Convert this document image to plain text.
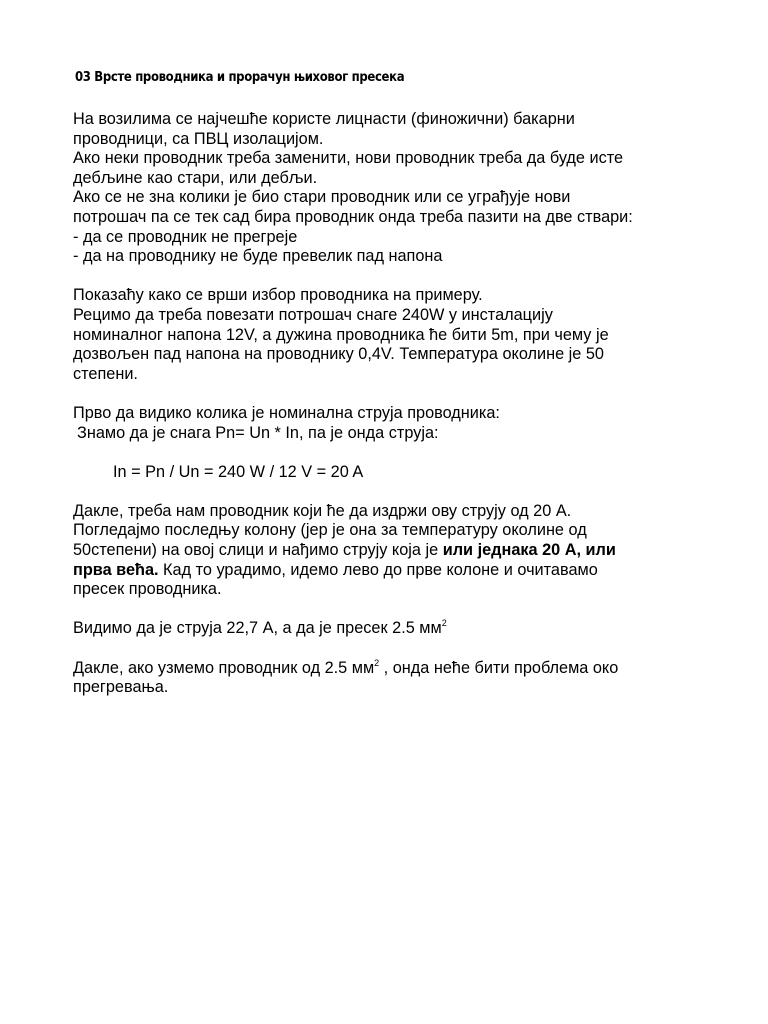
03 Врсте проводника и прорачун њиховог пресека

На возилима се најчешће користе лицнасти (финожични) бакарни
проводници, са ПВЦ изолацијом.
Ако неки проводник треба заменити, нови проводник треба да буде исте
дебљине као стари, или дебљи.
Ако се не зна колики је био стари проводник или се уграђује нови
потрошач па се тек сад бира проводник онда треба пазити на две ствари:
- да се проводник не прегреје
- да на проводнику не буде превелик пад напона

Показаћу како се врши избор проводника на примеру.
Рецимо да треба повезати потрошач снаге 240W у инсталацију
номиналног напона 12V, а дужина проводника ће бити 5m, при чему је
дозвољен пад напона на проводнику 0,4V. Температура околине је 50
степени.

Прво да видико колика је номинална струја проводника:
Знамо да је снага Pn= Un * In, па је онда струја:

In = Pn / Un = 240 W / 12 V = 20 A

Дакле, треба нам проводник који ће да издржи ову струју од 20 A.
Погледајмо последњу колону (јер је она за температуру околине од
50степени) на овој слици и нађимо струју која је или једнака 20 A, или
прва већа. Кад то урадимо, идемо лево до прве колоне и очитавамо
пресек проводника.

Видимо да је струја 22,7 A, а да је пресек 2.5 $мм^2$

Дакле, ако узмемо проводник од 2.5 $мм^2$ , онда неће бити проблема око
прегревања.
